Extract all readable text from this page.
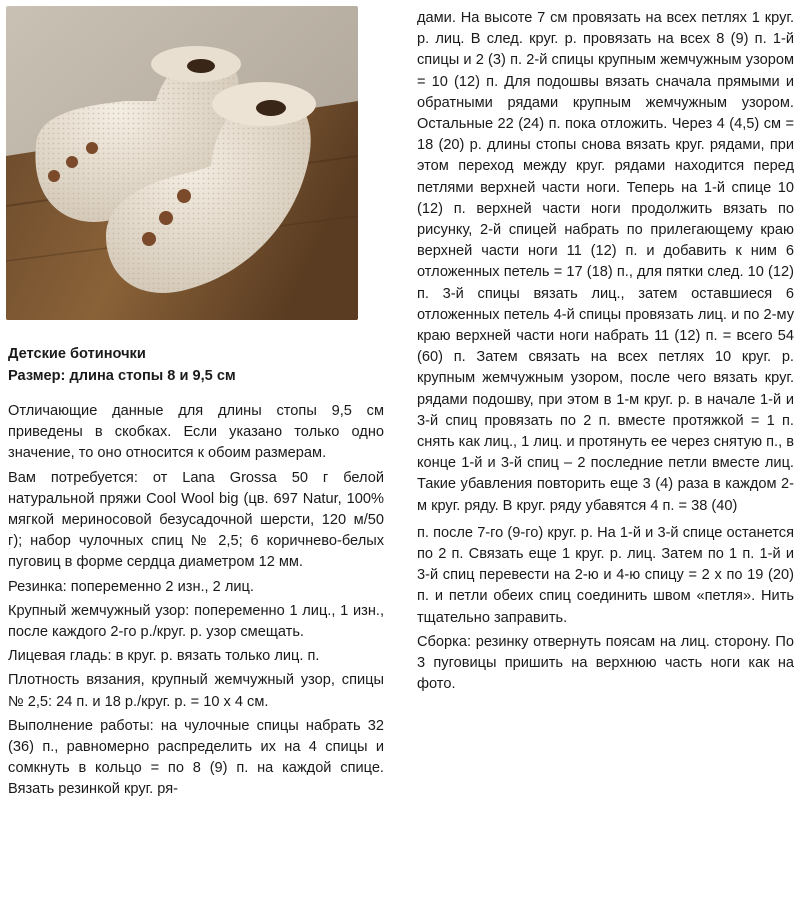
Детские ботиночки
Размер: длина стопы 8 и 9,5 см

Отличающие данные для длины стопы 9,5 см приведены в скобках. Если указано только одно значение, то оно относится к обоим размерам.

Вам потребуется: от Lana Grossa 50 г белой натуральной пряжи Cool Wool big (цв. 697 Natur, 100% мягкой мериносовой безусадочной шерсти, 120 м/50 г); набор чулочных спиц № 2,5; 6 коричнево-белых пуговиц в форме сердца диаметром 12 мм.

Резинка: попеременно 2 изн., 2 лиц.

Крупный жемчужный узор: попеременно 1 лиц., 1 изн., после каждого 2-го р./круг. р. узор смещать.

Лицевая гладь: в круг. р. вязать только лиц. п.

Плотность вязания, крупный жемчужный узор, спицы № 2,5: 24 п. и 18 р./круг. р. = 10 х 4 см.

Выполнение работы: на чулочные спицы набрать 32 (36) п., равномерно распределить их на 4 спицы и сомкнуть в кольцо = по 8 (9) п. на каждой спице. Вязать резинкой круг. ря-

дами. На высоте 7 см провязать на всех петлях 1 круг. р. лиц. В след. круг. р. провязать на всех 8 (9) п. 1-й спицы и 2 (3) п. 2-й спицы крупным жемчужным узором = 10 (12) п. Для подошвы вязать сначала прямыми и обратными рядами крупным жемчужным узором. Остальные 22 (24) п. пока отложить. Через 4 (4,5) см = 18 (20) р. длины стопы снова вязать круг. рядами, при этом переход между круг. рядами находится перед петлями верхней части ноги. Теперь на 1-й спице 10 (12) п. верхней части ноги продолжить вязать по рисунку, 2-й спицей набрать по прилегающему краю верхней части ноги 11 (12) п. и добавить к ним 6 отложенных петель = 17 (18) п., для пятки след. 10 (12) п. 3-й спицы вязать лиц., затем оставшиеся 6 отложенных петель 4-й спицы провязать лиц. и по 2-му краю верхней части ноги набрать 11 (12) п. = всего 54 (60) п. Затем связать на всех петлях 10 круг. р. крупным жемчужным узором, после чего вязать круг. рядами подошву, при этом в 1-м круг. р. в начале 1-й и 3-й спиц провязать по 2 п. вместе протяжкой = 1 п. снять как лиц., 1 лиц. и протянуть ее через снятую п., в конце 1-й и 3-й спиц – 2 последние петли вместе лиц. Такие убавления повторить еще 3 (4) раза в каждом 2-м круг. ряду. В круг. ряду убавятся 4 п. = 38 (40)

п. после 7-го (9-го) круг. р. На 1-й и 3-й спице останется по 2 п. Связать еще 1 круг. р. лиц. Затем по 1 п. 1-й и 3-й спиц перевести на 2-ю и 4-ю спицу = 2 х по 19 (20) п. и петли обеих спиц соединить швом «петля». Нить тщательно заправить.

Сборка: резинку отвернуть поясам на лиц. сторону. По 3 пуговицы пришить на верхнюю часть ноги как на фото.
